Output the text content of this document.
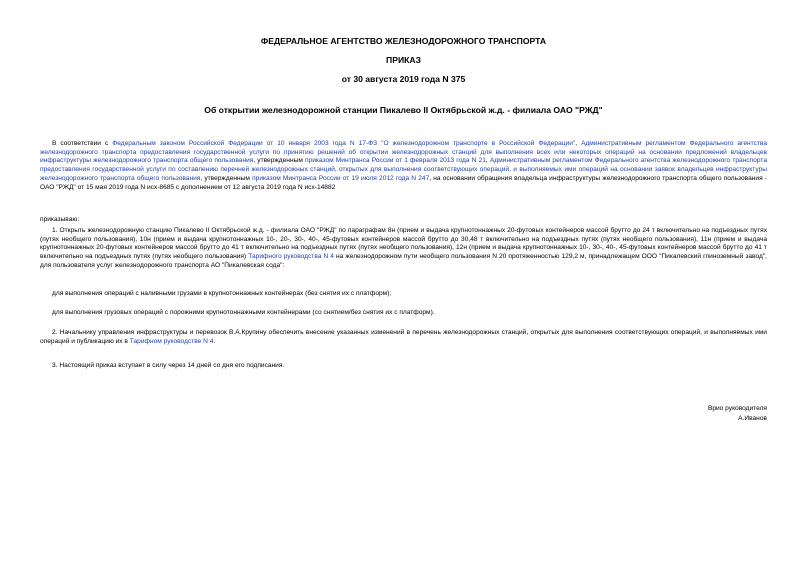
ФЕДЕРАЛЬНОЕ АГЕНТСТВО ЖЕЛЕЗНОДОРОЖНОГО ТРАНСПОРТА
ПРИКАЗ
от 30 августа 2019 года N 375
Об открытии железнодорожной станции Пикалево II Октябрьской ж.д. - филиала ОАО "РЖД"
В соответствии с Федеральным законом Российской Федерации от 10 января 2003 года N 17-ФЗ "О железнодорожном транспорте в Российской Федерации", Административным регламентом Федерального агентства железнодорожного транспорта предоставления государственной услуги по принятию решений об открытии железнодорожных станций для выполнения всех или некоторых операций на основании предложений владельцев инфраструктуры железнодорожного транспорта общего пользования, утвержденным приказом Минтранса России от 1 февраля 2013 года N 21, Административным регламентом Федерального агентства железнодорожного транспорта предоставления государственной услуги по составлению перечней железнодорожных станций, открытых для выполнения соответствующих операций, и выполняемых ими операций на основании заявок владельцев инфраструктуры железнодорожного транспорта общего пользования, утвержденным приказом Минтранса России от 19 июля 2012 года N 247, на основании обращения владельца инфраструктуры железнодорожного транспорта общего пользования - ОАО "РЖД" от 15 мая 2019 года N исх-8685 с дополнением от 12 августа 2019 года N исх-14882
приказываю:
1. Открыть железнодорожную станцию Пикалево II Октябрьской ж.д. - филиала ОАО "РЖД" по параграфам 8н (прием и выдача крупнотоннажных 20-футовых контейнеров массой брутто до 24 т включительно на подъездных путях (путях необщего пользования), 10н (прием и выдача крупнотоннажных 10-, 20-, 30-, 40-, 45-футовых контейнеров массой брутто до 30,48 т включительно на подъездных путях (путях необщего пользования), 11н (прием и выдача крупнотоннажных 20-футовых контейнеров массой брутто до 41 т включительно на подъездных путях (путях необщего пользования), 12н (прием и выдача крупнотоннажных 10-, 30-, 40-, 45-футовых контейнеров массой брутто до 41 т включительно на подъездных путях (путях необщего пользования) Тарифного руководства N 4 на железнодорожном пути необщего пользования N 20 протяженностью 129,2 м, принадлежащем ООО "Пикалевский глиноземный завод", для пользователя услуг железнодорожного транспорта АО "Пикалевская сода":
для выполнения операций с наливными грузами в крупнотоннажных контейнерах (без снятия их с платформ);
для выполнения грузовых операций с порожними крупнотоннажными контейнерами (со снятием/без снятия их с платформ).
2. Начальнику управления инфраструктуры и перевозок В.А.Крупину обеспечить внесение указанных изменений в перечень железнодорожных станций, открытых для выполнения соответствующих операций, и выполняемых ими операций и публикацию их в Тарифном руководстве N 4.
3. Настоящий приказ вступает в силу через 14 дней со дня его подписания.
Врио руководителя
А.Иванов
